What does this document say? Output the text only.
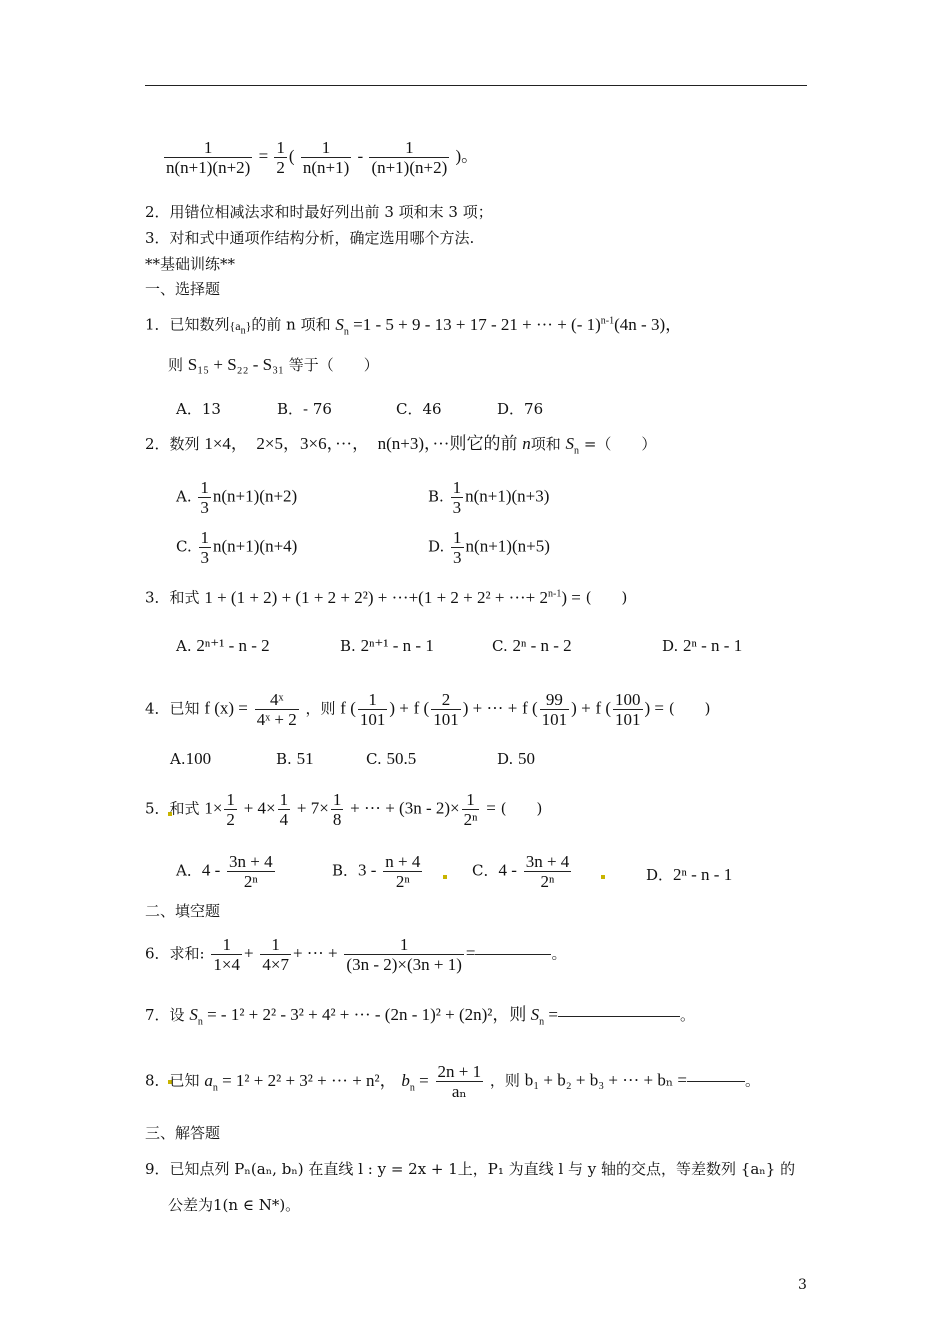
$\frac{1}{n(n+1)(n+2)} = \frac{1}{2}$ ( $\frac{1}{n(n+1)} - \frac{1}{(n+1)(n+2)}$ )。
2．用错位相减法求和时最好列出前 3 项和末 3 项；
3．对和式中通项作结构分析，确定选用哪个方法.
**基础训练**
一、选择题
1．已知数列$\{a_n\}$的前 n 项和 $S_n =1 - 5 + 9 - 13 + 17 - 21$ + ··· + (- 1)$^{n-1}$(4n - 3)，
则 S₁₅ + S₂₂ - S₃₁ 等于（　　）
A．13	B．- 76	C．46	D．76
2．数列 1×4，　2×5，3×6，···，　n(n+3)，···则它的前 n项和 $S_n$ =（　　）
A. $\frac{1}{3} n(n+1)(n+2)$	B. $\frac{1}{3} n(n+1)(n+3)$
C. $\frac{1}{3} n(n+1)(n+4)$	D. $\frac{1}{3} n(n+1)(n+5)$
3．和式 1 + (1 + 2) + (1 + 2 + 2²) + ···+(1 + 2 + 2² + ···+ $2^{n-1}$) = (　　)
A. 2ⁿ⁺¹ - n - 2	B. 2ⁿ⁺¹ - n - 1	C. 2ⁿ - n - 2	D. 2ⁿ - n - 1
4．已知 f $(x) = \frac{\text{4ˣ}}{\text{4ˣ + 2}}$ ，则 f ( $\frac{1}{101}$ ) + f ( $\frac{2}{101}$ ) + ··· + f ( $\frac{99}{101}$ ) + f ( $\frac{100}{101}$ ) = (　　)
A.100	B. 51	C. 50.5	D. 50
5．和式 $1\times \frac{1}{2} + 4\times \frac{1}{4} + 7\times \frac{1}{8}$ + ··· + $(3n - 2)\times \frac{1}{\text{2ⁿ}}$ = (　　)
A．$4 - \frac{3n + 4}{\text{2ⁿ}}$	B．$3 - \frac{n + 4}{\text{2ⁿ}}$	C．$4 - \frac{3n + 4}{\text{2ⁿ}}$	D．2ⁿ - n - 1
二、填空题
6．求和: $\frac{1}{1\times 4} + \frac{1}{4\times 7}$ + ··· + $\frac{1}{(3n - 2)\times(3n + 1)}$ =	。
7．设 $S_n$ = - 1² + 2² - 3² + 4² + ··· - (2n - 1)² + (2n)²，则 $S_n$ =	。
8．已知 $a_n = 1^2 + 2^2 + 3^2$ + ··· + n²， $b_n = \frac{2n + 1}{\text{aₙ}}$ ，则 b₁ + b₂ + b₃ + ··· + bₙ =	。
三、解答题
9．已知点列 Pₙ(aₙ, bₙ) 在直线 l : y = 2x + 1上，P₁ 为直线 l 与 y 轴的交点，等差数列 {aₙ} 的
公差为1(n ∈ N*)。
3
